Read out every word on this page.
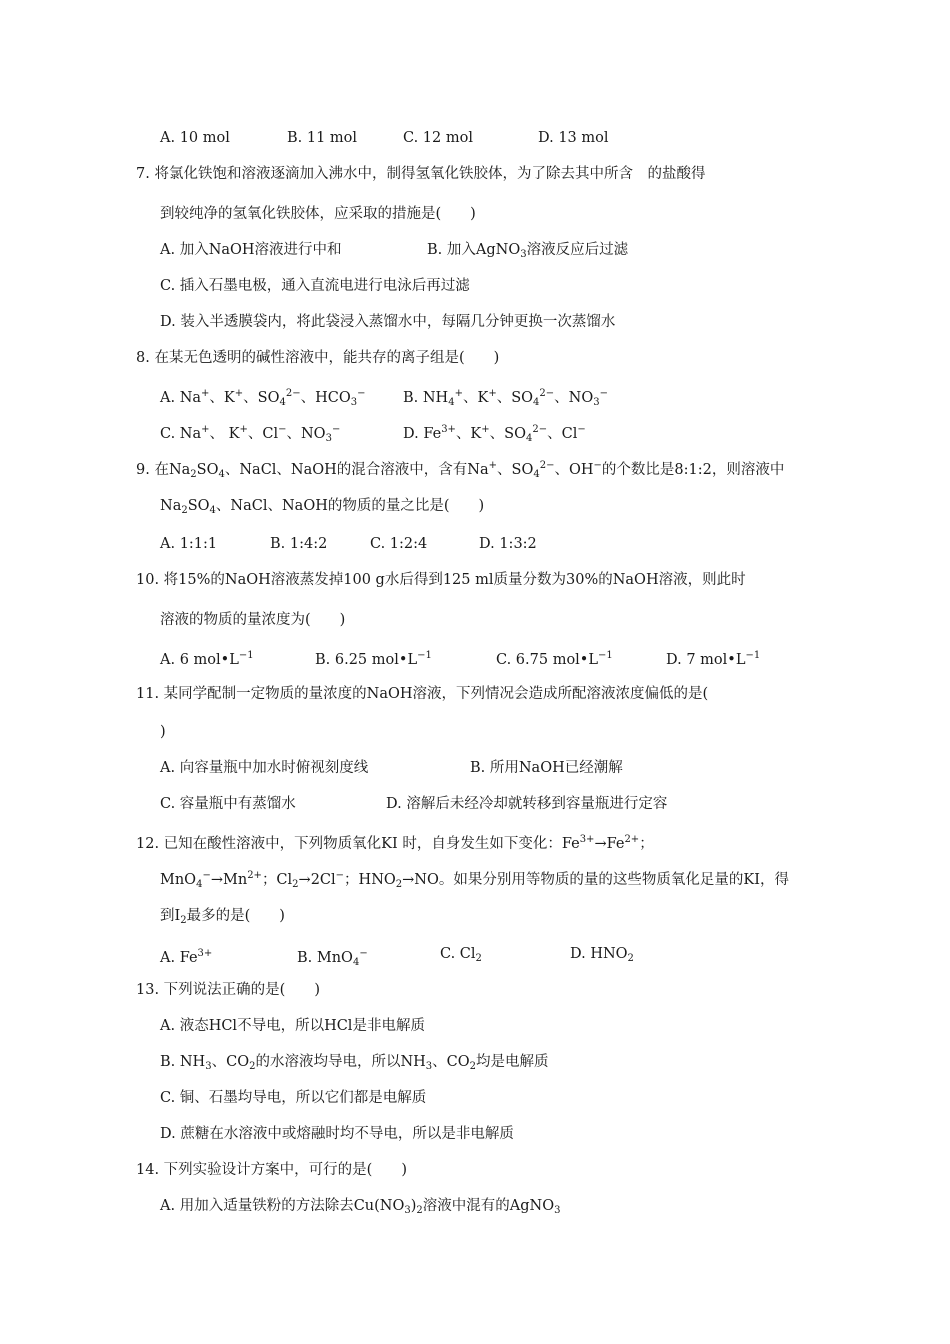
A. 10 mol	B. 11 mol	C. 12 mol	D. 13 mol
7. 将氯化铁饱和溶液逐滴加入沸水中，制得氢氧化铁胶体，为了除去其中所含　的盐酸得
到较纯净的氢氧化铁胶体，应采取的措施是(　　)
A. 加入NaOH溶液进行中和	B. 加入AgNO$_3$溶液反应后过滤
C. 插入石墨电极，通入直流电进行电泳后再过滤
D. 装入半透膜袋内，将此袋浸入蒸馏水中，每隔几分钟更换一次蒸馏水
8. 在某无色透明的碱性溶液中，能共存的离子组是(　　)
A. Na+、K+、$SO_4^{2-}$、$HCO_3^-$	B. $NH_4^+$、K+、$SO_4^{2-}$、$NO_3^-$
C. Na+、 K+、Cl−、$NO_3^-$	D. $Fe^{3+}$、K+、$SO_4^{2-}$、Cl−
9. 在$Na_2SO_4$、NaCl、NaOH的混合溶液中，含有Na+、$SO_4^{2-}$、OH−的个数比是8:1:2，则溶液中
$Na_2SO_4$、NaCl、NaOH的物质的量之比是(　　)
A. 1:1:1	B. 1:4:2	C. 1:2:4	D. 1:3:2
10. 将15%的NaOH溶液蒸发掉100 g水后得到125 ml质量分数为30%的NaOH溶液，则此时
溶液的物质的量浓度为(　　)
A. 6 $mol•L^{-1}$	B. 6.25 $mol•L^{-1}$	C. 6.75 $mol•L^{-1}$	D. 7 $mol•L^{-1}$
11. 某同学配制一定物质的量浓度的NaOH溶液，下列情况会造成所配溶液浓度偏低的是(
)
A. 向容量瓶中加水时俯视刻度线	B. 所用NaOH已经潮解
C. 容量瓶中有蒸馏水	D. 溶解后未经冷却就转移到容量瓶进行定容
12. 已知在酸性溶液中，下列物质氧化KI 时，自身发生如下变化：$Fe^{3+}\to Fe^{2+}$；
$MnO_4^-\to Mn^{2+}$；$Cl_2\to 2Cl^-$；$HNO_2\to NO$。如果分别用等物质的量的这些物质氧化足量的KI，得
到$I_2$最多的是(　　)
A. $Fe^{3+}$	B. MnO$_4$−	C. $Cl_2$	D. $HNO_2$
13. 下列说法正确的是(　　)
A. 液态HCl不导电，所以HCl是非电解质
B. $NH_3$、$CO_2$的水溶液均导电，所以$NH_3$、$CO_2$均是电解质
C. 铜、石墨均导电，所以它们都是电解质
D. 蔗糖在水溶液中或熔融时均不导电，所以是非电解质
14. 下列实验设计方案中，可行的是(　　)
A. 用加入适量铁粉的方法除去$Cu(NO_3)_2$溶液中混有的AgNO$_3$
